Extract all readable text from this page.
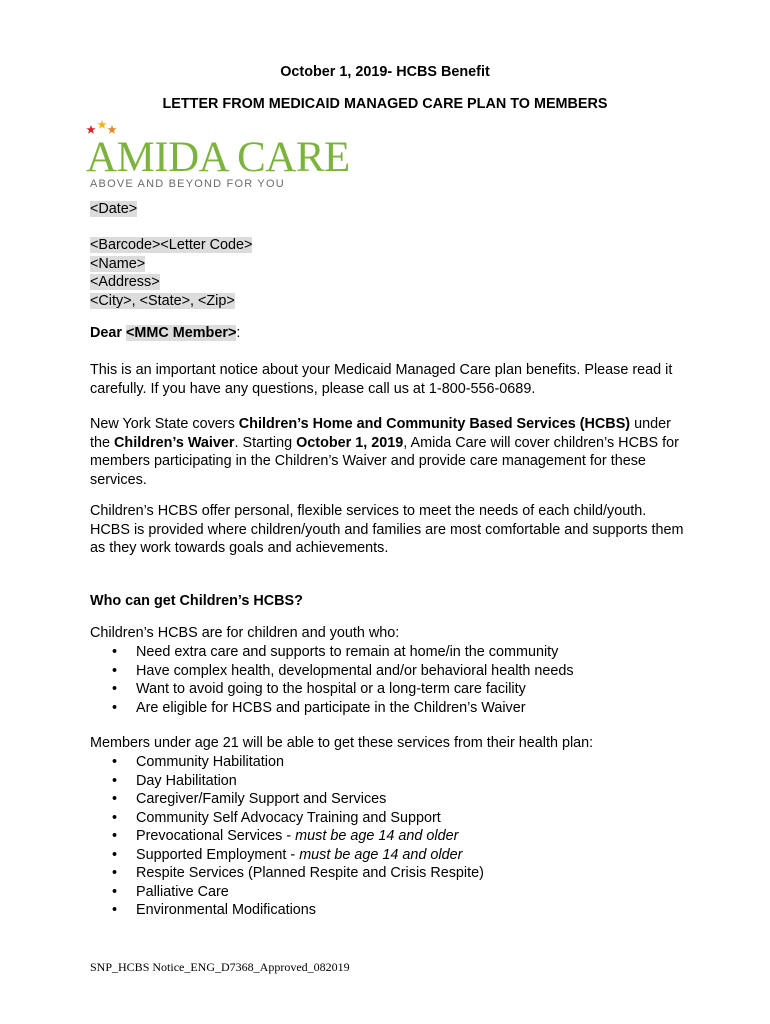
October 1, 2019- HCBS Benefit
LETTER FROM MEDICAID MANAGED CARE PLAN TO MEMBERS
AMIDA CARE
ABOVE AND BEYOND FOR YOU
<Date>
<Barcode><Letter Code>
<Name>
<Address>
<City>, <State>, <Zip>
Dear <MMC Member>:
This is an important notice about your Medicaid Managed Care plan benefits. Please read it carefully. If you have any questions, please call us at 1-800-556-0689.
New York State covers Children’s Home and Community Based Services (HCBS) under the Children’s Waiver. Starting October 1, 2019, Amida Care will cover children’s HCBS for members participating in the Children’s Waiver and provide care management for these services.
Children’s HCBS offer personal, flexible services to meet the needs of each child/youth. HCBS is provided where children/youth and families are most comfortable and supports them as they work towards goals and achievements.
Who can get Children’s HCBS?
Children’s HCBS are for children and youth who:
• Need extra care and supports to remain at home/in the community
• Have complex health, developmental and/or behavioral health needs
• Want to avoid going to the hospital or a long-term care facility
• Are eligible for HCBS and participate in the Children’s Waiver
Members under age 21 will be able to get these services from their health plan:
• Community Habilitation
• Day Habilitation
• Caregiver/Family Support and Services
• Community Self Advocacy Training and Support
• Prevocational Services - must be age 14 and older
• Supported Employment - must be age 14 and older
• Respite Services (Planned Respite and Crisis Respite)
• Palliative Care
• Environmental Modifications
SNP_HCBS Notice_ENG_D7368_Approved_082019
